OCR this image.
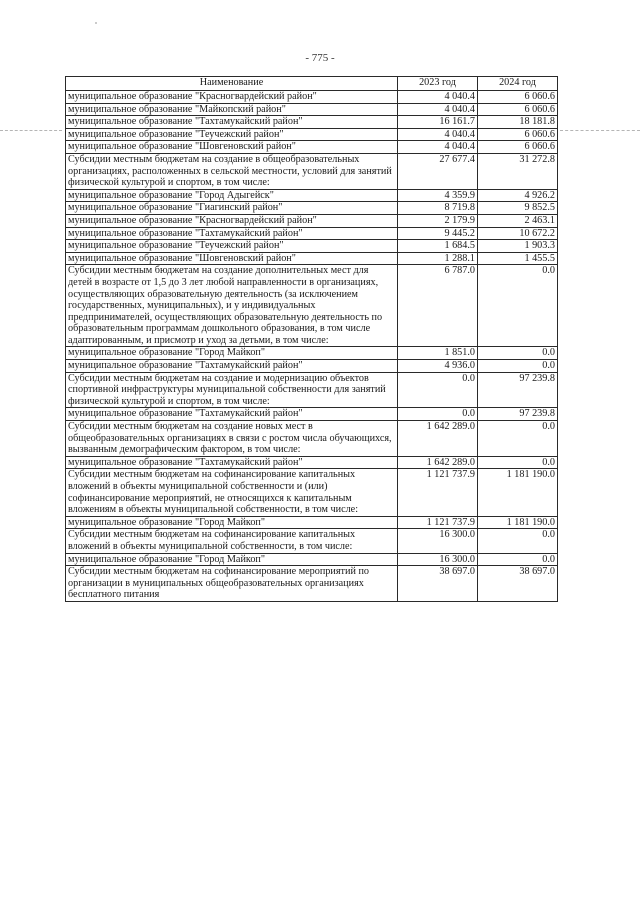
- 775 -
Наименование	2023 год	2024 год
муниципальное образование "Красногвардейский район"	4 040.4	6 060.6
муниципальное образование "Майкопский район"	4 040.4	6 060.6
муниципальное образование "Тахтамукайский район"	16 161.7	18 181.8
муниципальное образование "Теучежский район"	4 040.4	6 060.6
муниципальное образование "Шовгеновский район"	4 040.4	6 060.6
Субсидии местным бюджетам на создание в общеобразовательных организациях, расположенных в сельской местности, условий для занятий физической культурой и спортом, в том числе:	27 677.4	31 272.8
муниципальное образование "Город Адыгейск"	4 359.9	4 926.2
муниципальное образование "Гиагинский район"	8 719.8	9 852.5
муниципальное образование "Красногвардейский район"	2 179.9	2 463.1
муниципальное образование "Тахтамукайский район"	9 445.2	10 672.2
муниципальное образование "Теучежский район"	1 684.5	1 903.3
муниципальное образование "Шовгеновский район"	1 288.1	1 455.5
Субсидии местным бюджетам на создание дополнительных мест для детей в возрасте от 1,5 до 3 лет любой направленности в организациях, осуществляющих образовательную деятельность (за исключением государственных, муниципальных), и у индивидуальных предпринимателей, осуществляющих образовательную деятельность по образовательным программам дошкольного образования, в том числе адаптированным, и присмотр и уход за детьми, в том числе:	6 787.0	0.0
муниципальное образование "Город Майкоп"	1 851.0	0.0
муниципальное образование "Тахтамукайский район"	4 936.0	0.0
Субсидии местным бюджетам на создание и модернизацию объектов спортивной инфраструктуры муниципальной собственности для занятий физической культурой и спортом, в том числе:	0.0	97 239.8
муниципальное образование "Тахтамукайский район"	0.0	97 239.8
Субсидии местным бюджетам на создание новых мест в общеобразовательных организациях в связи с ростом числа обучающихся, вызванным демографическим фактором, в том числе:	1 642 289.0	0.0
муниципальное образование "Тахтамукайский район"	1 642 289.0	0.0
Субсидии местным бюджетам на софинансирование капитальных вложений в объекты муниципальной собственности и (или) софинансирование мероприятий, не относящихся к капитальным вложениям в объекты муниципальной собственности, в том числе:	1 121 737.9	1 181 190.0
муниципальное образование "Город Майкоп"	1 121 737.9	1 181 190.0
Субсидии местным бюджетам на софинансирование капитальных вложений в объекты муниципальной собственности, в том числе:	16 300.0	0.0
муниципальное образование "Город Майкоп"	16 300.0	0.0
Субсидии местным бюджетам на софинансирование мероприятий по организации в муниципальных общеобразовательных организациях бесплатного питания	38 697.0	38 697.0
